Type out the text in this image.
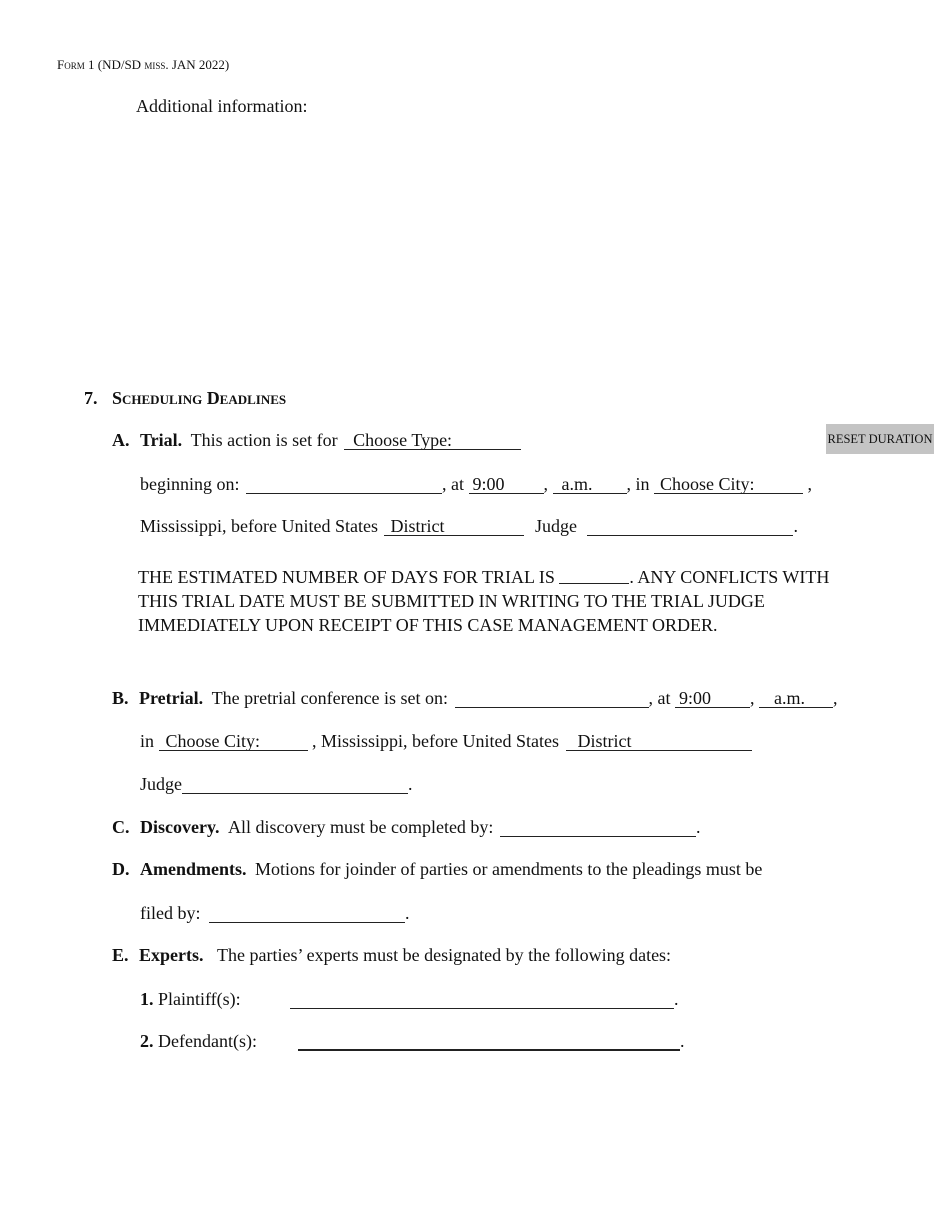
Form 1 (ND/SD miss. JAN 2022)
Additional information:
7. Scheduling Deadlines
RESET DURATION
A. Trial. This action is set for Choose Type:
beginning on:	, at 9:00 , a.m. , in Choose City:	,
Mississippi, before United States District	Judge	.
THE ESTIMATED NUMBER OF DAYS FOR TRIAL IS	. ANY CONFLICTS WITH THIS TRIAL DATE MUST BE SUBMITTED IN WRITING TO THE TRIAL JUDGE IMMEDIATELY UPON RECEIPT OF THIS CASE MANAGEMENT ORDER.
B. Pretrial. The pretrial conference is set on:	, at 9:00 , a.m. ,
in Choose City:	, Mississippi, before United States District
Judge	.
C. Discovery. All discovery must be completed by:	.
D. Amendments. Motions for joinder of parties or amendments to the pleadings must be
filed by:	.
E. Experts. The parties’ experts must be designated by the following dates:
1. Plaintiff(s):
	.
2. Defendant(s):
	.
